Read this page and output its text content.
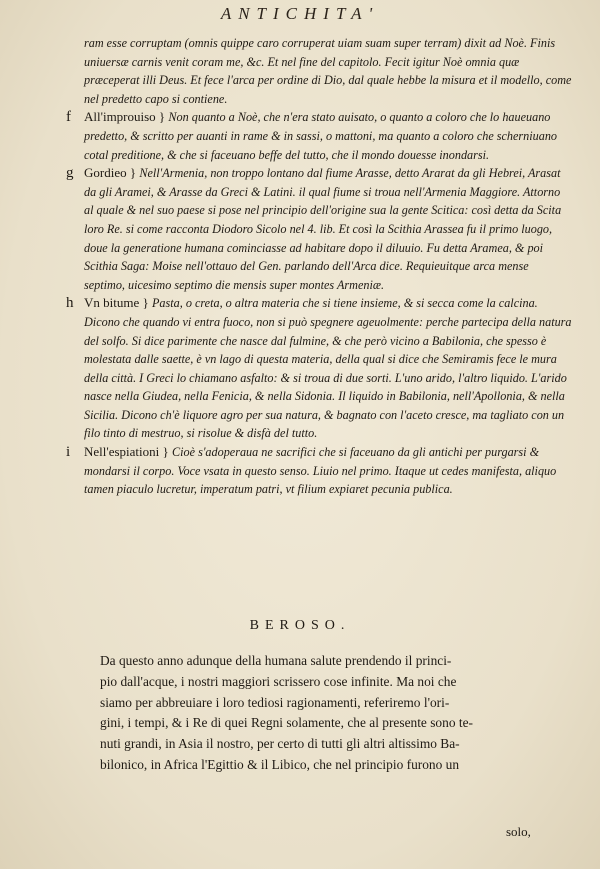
ANTICHITA'

ram esse corruptam (omnis quippe caro corruperat uiam suam super terram) dixit ad Noè. Finis uniuersæ carnis venit coram me, &c. Et nel fine del capitolo. Fecit igitur Noè omnia quæ præceperat illi Deus. Et fece l'arca per ordine di Dio, dal quale hebbe la misura et il modello, come nel predetto capo si contiene.

f All'improuiso } Non quanto a Noè, che n'era stato auisato, o quanto a coloro che lo haueuano predetto, & scritto per auanti in rame & in sassi, o mattoni, ma quanto a coloro che scherniuano cotal preditione, & che si faceuano beffe del tutto, che il mondo douesse inondarsi.

g Gordieo } Nell'Armenia, non troppo lontano dal fiume Arasse, detto Ararat da gli Hebrei, Arasat da gli Aramei, & Arasse da Greci & Latini. il qual fiume si troua nell'Armenia Maggiore. Attorno al quale & nel suo paese si pose nel principio dell'origine sua la gente Scitica: così detta da Scita loro Re. si come racconta Diodoro Sicolo nel 4. lib. Et così la Scithia Arassea fu il primo luogo, doue la generatione humana cominciasse ad habitare dopo il diluuio. Fu detta Aramea, & poi Scithia Saga: Moise nell'ottauo del Gen. parlando dell'Arca dice. Requieuitque arca mense septimo, uicesimo septimo die mensis super montes Armeniæ.

h Vn bitume } Pasta, o creta, o altra materia che si tiene insieme, & si secca come la calcina. Dicono che quando vi entra fuoco, non si può spegnere ageuolmente: perche partecipa della natura del solfo. Si dice parimente che nasce dal fulmine, & che però vicino a Babilonia, che spesso è molestata dalle saette, è vn lago di questa materia, della qual si dice che Semiramis fece le mura della città. I Greci lo chiamano asfalto: & si troua di due sorti. L'uno arido, l'altro liquido. L'arido nasce nella Giudea, nella Fenicia, & nella Sidonia. Il liquido in Babilonia, nell'Apollonia, & nella Sicilia. Dicono ch'è liquore agro per sua natura, & bagnato con l'aceto cresce, ma tagliato con un filo tinto di mestruo, si risolue & disfà del tutto.

i Nell'espiationi } Cioè s'adoperaua ne sacrifici che si faceuano da gli antichi per purgarsi & mondarsi il corpo. Voce vsata in questo senso. Liuio nel primo. Itaque ut cedes manifesta, aliquo tamen piaculo lucretur, imperatum patri, vt filium expiaret pecunia publica.

BEROSO.
Da questo anno adunque della humana salute prendendo il princi-
pio dall'acque, i nostri maggiori scrissero cose infinite. Ma noi che
siamo per abbreuiare i loro tediosi ragionamenti, referiremo l'ori-
gini, i tempi, & i Re di quei Regni solamente, che al presente sono te-
nuti grandi, in Asia il nostro, per certo di tutti gli altri altissimo Ba-
bilonico, in Africa l'Egittio & il Libico, che nel principio furono un
solo,
